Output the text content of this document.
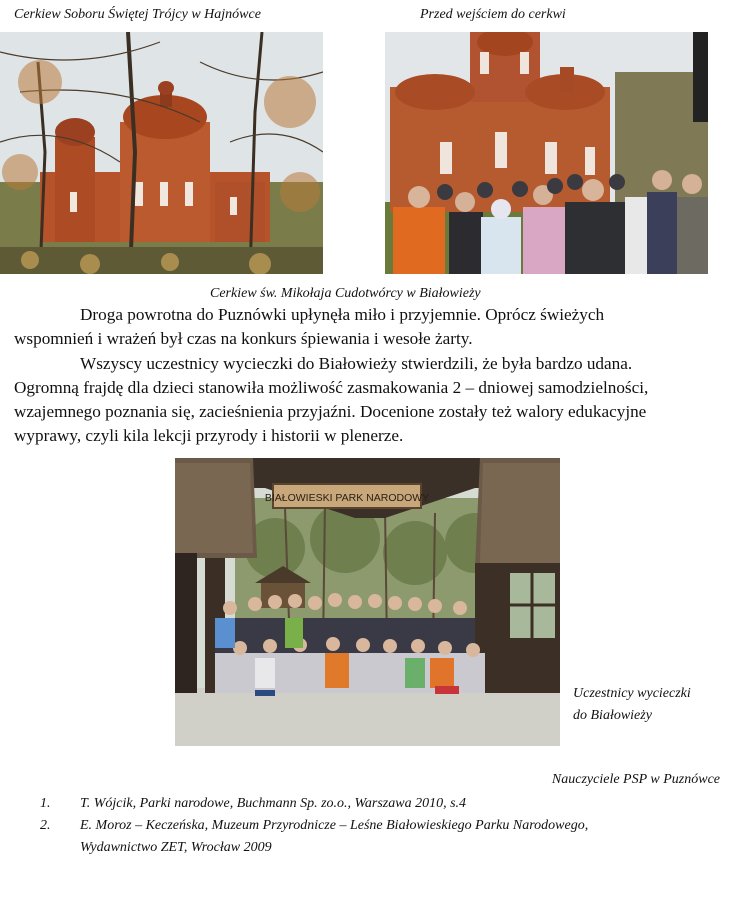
Cerkiew Soboru Świętej Trójcy w Hajnówce	Przed wejściem do cerkwi
Cerkiew św. Mikołaja Cudotwórcy w Białowieży

Droga powrotna do Puznówki upłynęła miło i przyjemnie. Oprócz świeżych

wspomnień i wrażeń był czas na konkurs śpiewania i wesołe żarty.

Wszyscy uczestnicy wycieczki do Białowieży stwierdzili, że była bardzo udana.

Ogromną frajdę dla dzieci stanowiła możliwość zasmakowania 2 – dniowej samodzielności,
wzajemnego poznania się, zacieśnienia przyjaźni. Docenione zostały też walory edukacyjne
wyprawy, czyli kila lekcji przyrody i historii w plenerze.
BIAŁOWIESKI PARK NARODOWY
Uczestnicy wycieczki
do Białowieży
Nauczyciele PSP w Puznówce
1.	T. Wójcik, Parki narodowe, Buchmann Sp. zo.o., Warszawa 2010, s.4
2.	E. Moroz – Keczeńska, Muzeum Przyrodnicze – Leśne Białowieskiego Parku Narodowego,
Wydawnictwo ZET, Wrocław 2009
